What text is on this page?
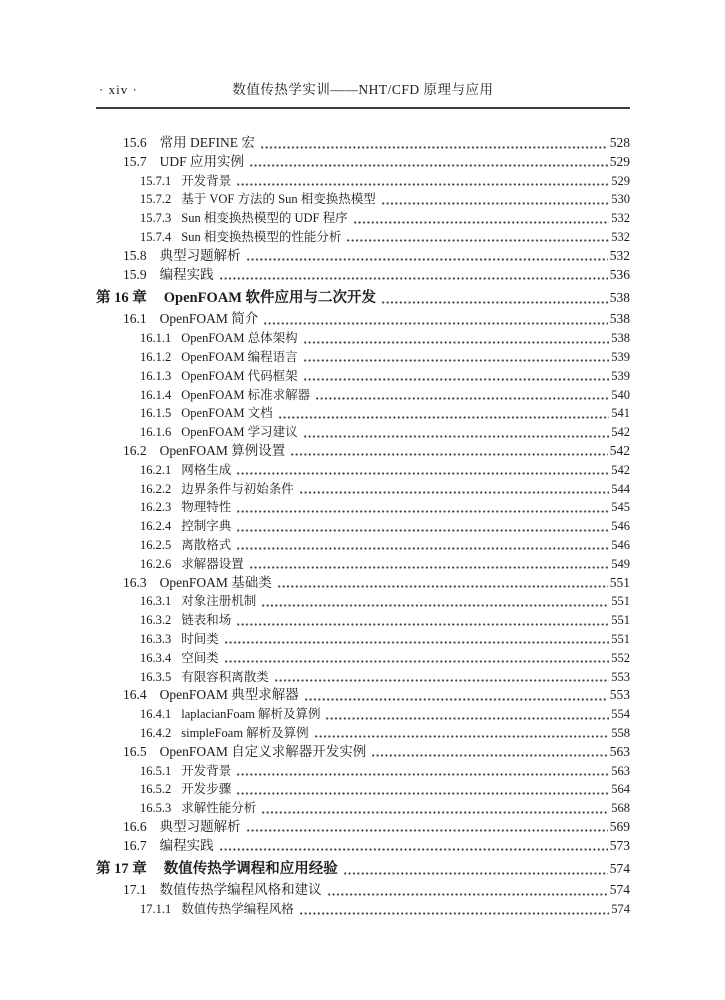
· xiv ·	数值传热学实训——NHT/CFD 原理与应用
15.6 常用 DEFINE 宏	528
15.7 UDF 应用实例	529
15.7.1 开发背景	529
15.7.2 基于 VOF 方法的 Sun 相变换热模型	530
15.7.3 Sun 相变换热模型的 UDF 程序	532
15.7.4 Sun 相变换热模型的性能分析	532
15.8 典型习题解析	532
15.9 编程实践	536
第 16 章 OpenFOAM 软件应用与二次开发	538
16.1 OpenFOAM 简介	538
16.1.1 OpenFOAM 总体架构	538
16.1.2 OpenFOAM 编程语言	539
16.1.3 OpenFOAM 代码框架	539
16.1.4 OpenFOAM 标准求解器	540
16.1.5 OpenFOAM 文档	541
16.1.6 OpenFOAM 学习建议	542
16.2 OpenFOAM 算例设置	542
16.2.1 网格生成	542
16.2.2 边界条件与初始条件	544
16.2.3 物理特性	545
16.2.4 控制字典	546
16.2.5 离散格式	546
16.2.6 求解器设置	549
16.3 OpenFOAM 基础类	551
16.3.1 对象注册机制	551
16.3.2 链表和场	551
16.3.3 时间类	551
16.3.4 空间类	552
16.3.5 有限容积离散类	553
16.4 OpenFOAM 典型求解器	553
16.4.1 laplacianFoam 解析及算例	554
16.4.2 simpleFoam 解析及算例	558
16.5 OpenFOAM 自定义求解器开发实例	563
16.5.1 开发背景	563
16.5.2 开发步骤	564
16.5.3 求解性能分析	568
16.6 典型习题解析	569
16.7 编程实践	573
第 17 章 数值传热学调程和应用经验	574
17.1 数值传热学编程风格和建议	574
17.1.1 数值传热学编程风格	574
